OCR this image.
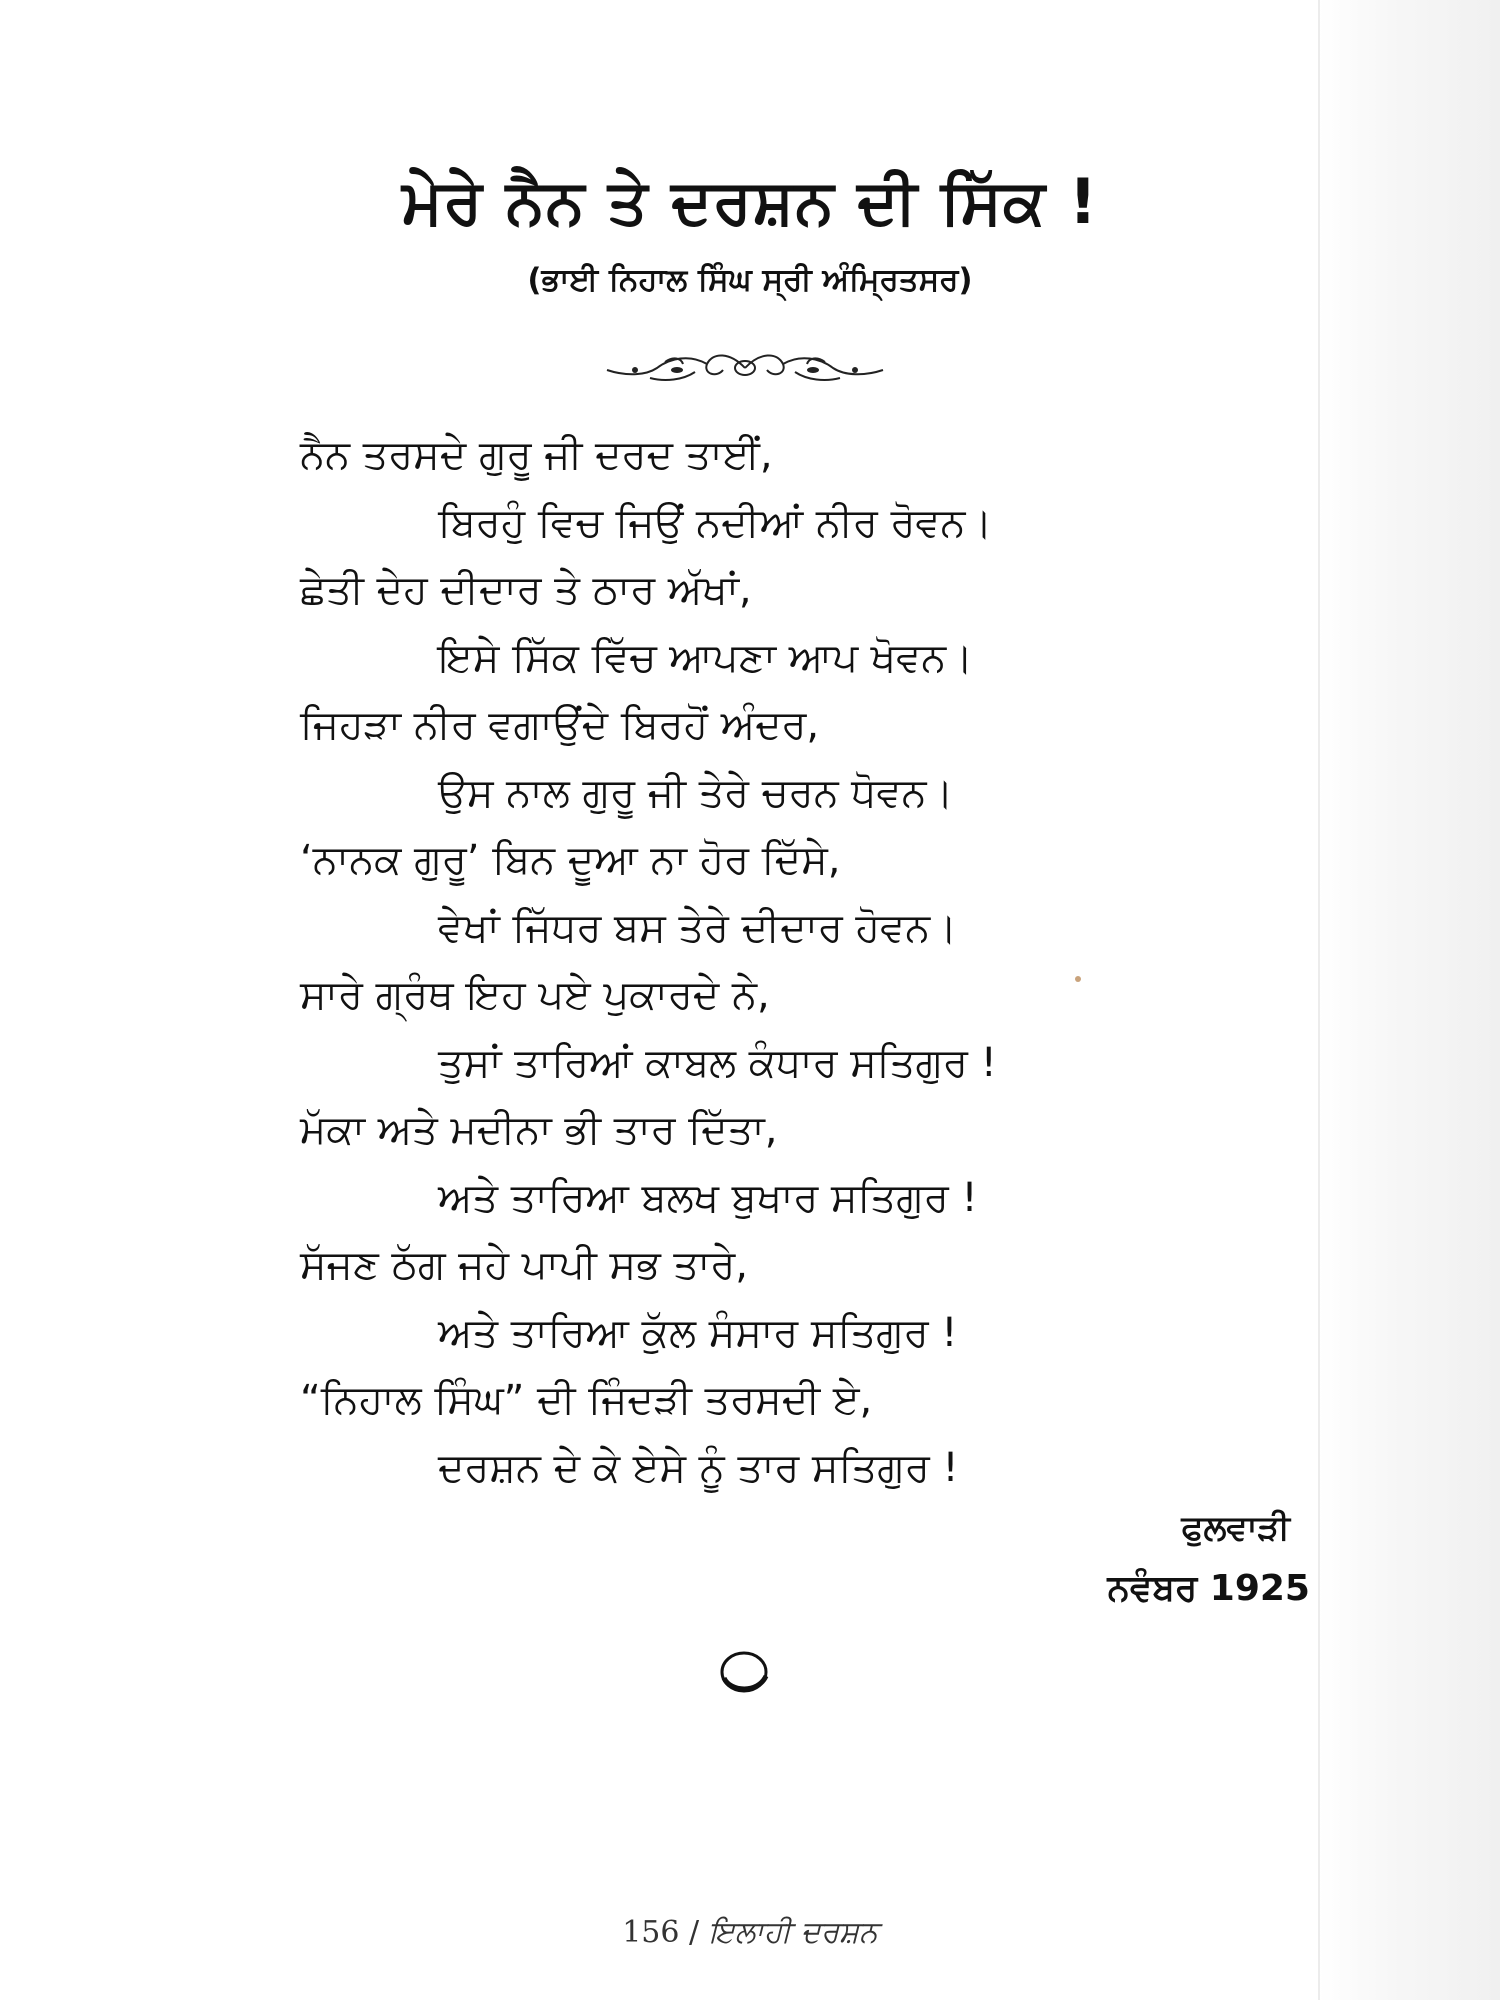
ਮੇਰੇ ਨੈਨ ਤੇ ਦਰਸ਼ਨ ਦੀ ਸਿੱਕ !
(ਭਾਈ ਨਿਹਾਲ ਸਿੰਘ ਸ੍ਰੀ ਅੰਮ੍ਰਿਤਸਰ)
ਨੈਨ ਤਰਸਦੇ ਗੁਰੂ ਜੀ ਦਰਦ ਤਾਈਂ,
ਬਿਰਹੁੰ ਵਿਚ ਜਿਉਂ ਨਦੀਆਂ ਨੀਰ ਰੋਵਨ।
ਛੇਤੀ ਦੇਹ ਦੀਦਾਰ ਤੇ ਠਾਰ ਅੱਖਾਂ,
ਇਸੇ ਸਿੱਕ ਵਿੱਚ ਆਪਣਾ ਆਪ ਖੋਵਨ।
ਜਿਹੜਾ ਨੀਰ ਵਗਾਉਂਦੇ ਬਿਰਹੋਂ ਅੰਦਰ,
ਉਸ ਨਾਲ ਗੁਰੂ ਜੀ ਤੇਰੇ ਚਰਨ ਧੋਵਨ।
‘ਨਾਨਕ ਗੁਰੂ’ ਬਿਨ ਦੂਆ ਨਾ ਹੋਰ ਦਿੱਸੇ,
ਵੇਖਾਂ ਜਿੱਧਰ ਬਸ ਤੇਰੇ ਦੀਦਾਰ ਹੋਵਨ।
ਸਾਰੇ ਗ੍ਰੰਥ ਇਹ ਪਏ ਪੁਕਾਰਦੇ ਨੇ,
ਤੁਸਾਂ ਤਾਰਿਆਂ ਕਾਬਲ ਕੰਧਾਰ ਸਤਿਗੁਰ !
ਮੱਕਾ ਅਤੇ ਮਦੀਨਾ ਭੀ ਤਾਰ ਦਿੱਤਾ,
ਅਤੇ ਤਾਰਿਆ ਬਲਖ ਬੁਖਾਰ ਸਤਿਗੁਰ !
ਸੱਜਣ ਠੱਗ ਜਹੇ ਪਾਪੀ ਸਭ ਤਾਰੇ,
ਅਤੇ ਤਾਰਿਆ ਕੁੱਲ ਸੰਸਾਰ ਸਤਿਗੁਰ !
“ਨਿਹਾਲ ਸਿੰਘ” ਦੀ ਜਿੰਦੜੀ ਤਰਸਦੀ ਏ,
ਦਰਸ਼ਨ ਦੇ ਕੇ ਏਸੇ ਨੂੰ ਤਾਰ ਸਤਿਗੁਰ !
ਫੁਲਵਾੜੀ
ਨਵੰਬਰ 1925
156 / ਇਲਾਹੀ ਦਰਸ਼ਨ
